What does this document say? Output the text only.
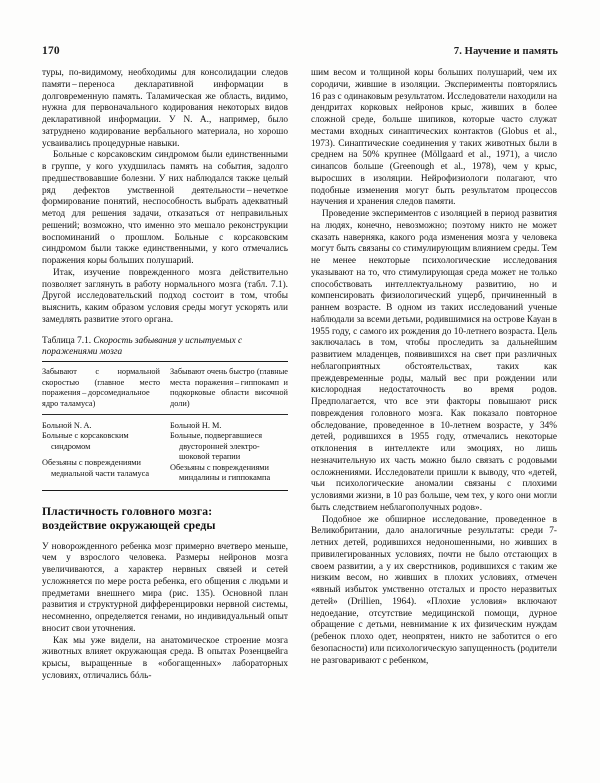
170	7. Научение и память

туры, по-видимому, необходимы для консолидации следов памяти – переноса декларативной информации в долговременную память. Таламическая же область, видимо, нужна для первоначального кодирования некоторых видов декларативной информации. У N. A., например, было затруднено кодирование вербального материала, но хорошо усваивались процедурные навыки.

Больные с корсаковским синдромом были единственными в группе, у кого ухудшилась память на события, задолго предшествовавшие болезни. У них наблюдался также целый ряд дефектов умственной деятельности – нечеткое формирование понятий, неспособность выбрать адекватный метод для решения задачи, отказаться от неправильных решений; возможно, что именно это мешало реконструкции воспоминаний о прошлом. Больные с корсаковским синдромом были также единственными, у кого отмечались поражения коры больших полушарий.

Итак, изучение поврежденного мозга действительно позволяет заглянуть в работу нормального мозга (табл. 7.1). Другой исследовательский подход состоит в том, чтобы выяснить, каким образом условия среды могут ускорять или замедлять развитие этого органа.

Таблица 7.1. Скорость забывания у испытуемых с поражениями мозга

Забывают с нормальной скоростью (главное место поражения – дорсомедиальное ядро таламуса)
Забывают очень быстро (главные места поражения – гиппокамп и подкорковые области височной доли)
Больной N. A.
Больные с корсаковским
синдромом
Обезьяны с повреждениями
медиальной части таламуса
Больной H. M.
Больные, подвергавшиеся
двусторонней электро-
шоковой терапии
Обезьяны с повреждениями
миндалины и гиппокампа
Пластичность головного мозга:
воздействие окружающей среды

У новорожденного ребенка мозг примерно вчетверо меньше, чем у взрослого человека. Размеры нейронов мозга увеличиваются, а характер нервных связей и сетей усложняется по мере роста ребенка, его общения с людьми и предметами внешнего мира (рис. 135). Основной план развития и структурной дифференцировки нервной системы, несомненно, определяется генами, но индивидуальный опыт вносит свои уточнения.

Как мы уже видели, на анатомическое строение мозга животных влияет окружающая среда. В опытах Розенцвейга крысы, выращенные в «обогащенных» лабораторных условиях, отличались бóль-

шим весом и толщиной коры больших полушарий, чем их сородичи, жившие в изоляции. Эксперименты повторялись 16 раз с одинаковым результатом. Исследователи находили на дендритах корковых нейронов крыс, живших в более сложной среде, больше шипиков, которые часто служат местами входных синаптических контактов (Globus et al., 1973). Синаптические соединения у таких животных были в среднем на 50% крупнее (Möllgaard et al., 1971), а число синапсов больше (Greenough et al., 1978), чем у крыс, выросших в изоляции. Нейрофизиологи полагают, что подобные изменения могут быть результатом процессов научения и хранения следов памяти.

Проведение экспериментов с изоляцией в период развития на людях, конечно, невозможно; поэтому никто не может сказать наверняка, какого рода изменения мозга у человека могут быть связаны со стимулирующим влиянием среды. Тем не менее некоторые психологические исследования указывают на то, что стимулирующая среда может не только способствовать интеллектуальному развитию, но и компенсировать физиологический ущерб, причиненный в раннем возрасте. В одном из таких исследований ученые наблюдали за всеми детьми, родившимися на острове Кауан в 1955 году, с самого их рождения до 10-летнего возраста. Цель заключалась в том, чтобы проследить за дальнейшим развитием младенцев, появившихся на свет при различных неблагоприятных обстоятельствах, таких как преждевременные роды, малый вес при рождении или кислородная недостаточность во время родов. Предполагается, что все эти факторы повышают риск повреждения головного мозга. Как показало повторное обследование, проведенное в 10-летнем возрасте, у 34% детей, родившихся в 1955 году, отмечались некоторые отклонения в интеллекте или эмоциях, но лишь незначительную их часть можно было связать с родовыми осложнениями. Исследователи пришли к выводу, что «детей, чьи психологические аномалии связаны с плохими условиями жизни, в 10 раз больше, чем тех, у кого они могли быть следствием неблагополучных родов».

Подобное же обширное исследование, проведенное в Великобритании, дало аналогичные результаты: среди 7-летних детей, родившихся недоношенными, но живших в привилегированных условиях, почти не было отстающих в своем развитии, а у их сверстников, родившихся с таким же низким весом, но живших в плохих условиях, отмечен «явный избыток умственно отсталых и просто неразвитых детей» (Drillien, 1964). «Плохие условия» включают недоедание, отсутствие медицинской помощи, дурное обращение с детьми, невнимание к их физическим нуждам (ребенок плохо одет, неопрятен, никто не заботится о его безопасности) или психологическую запущенность (родители не разговаривают с ребенком,
